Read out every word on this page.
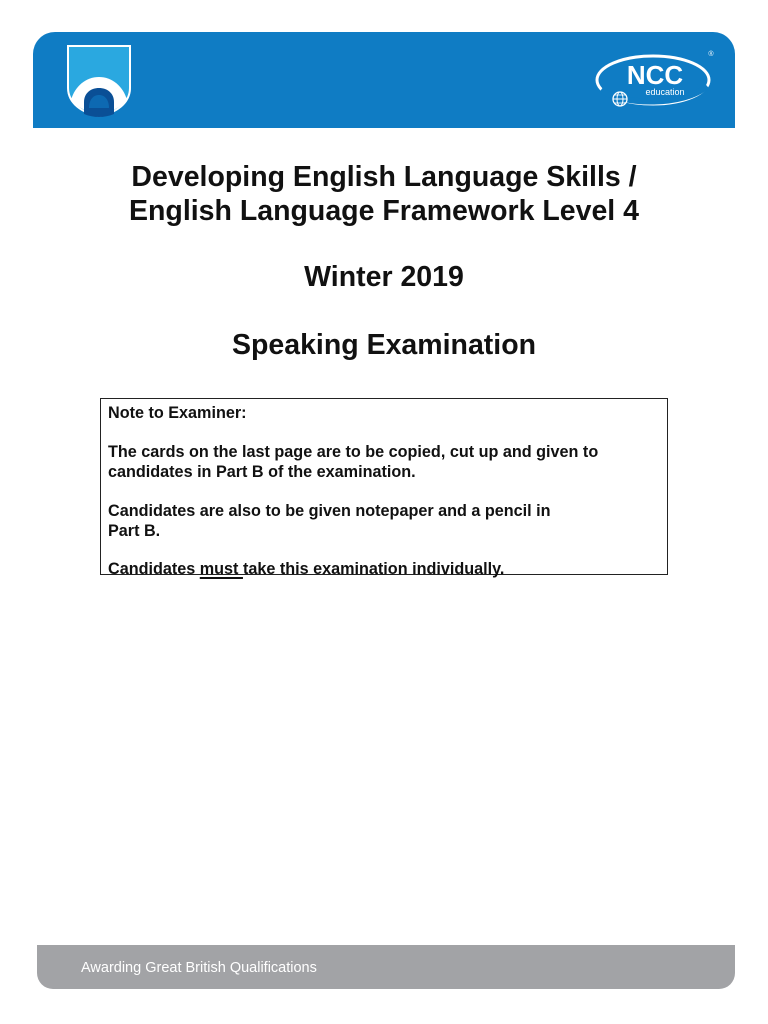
NCC
education
®

Developing English Language Skills /

English Language Framework Level 4

Winter 2019

Speaking Examination

Note to Examiner:

The cards on the last page are to be copied, cut up and given to
candidates in Part B of the examination.

Candidates are also to be given notepaper and a pencil in
Part B.

Candidates must take this examination individually.

Awarding Great British Qualifications
